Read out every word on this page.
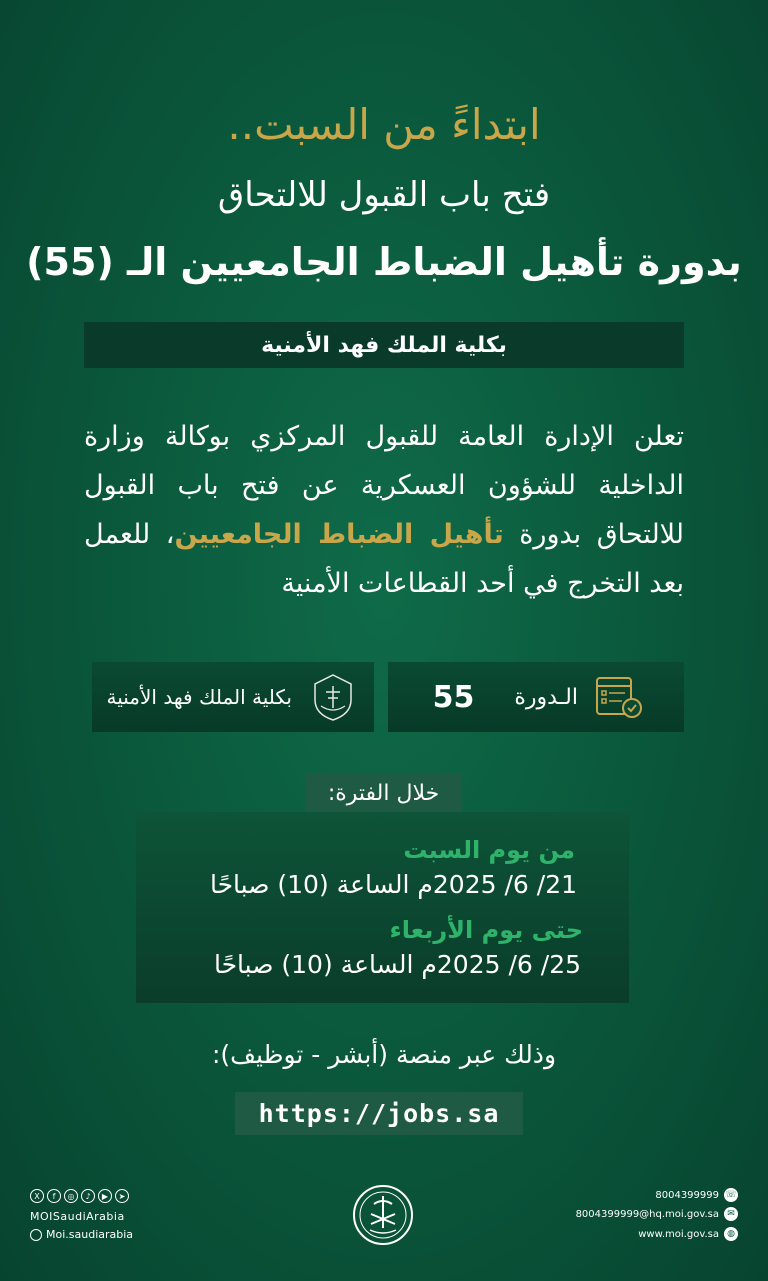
ابتداءً من السبت..
فتح باب القبول للالتحاق
بدورة تأهيل الضباط الجامعيين الـ (55)
بكلية الملك فهد الأمنية
تعلن الإدارة العامة للقبول المركزي بوكالة وزارة الداخلية للشؤون العسكرية عن فتح باب القبول للالتحاق بدورة تأهيل الضباط الجامعيين، للعمل بعد التخرج في أحد القطاعات الأمنية
الـدورة
55
بكلية الملك فهد الأمنية
خلال الفترة:
من يوم السبت
21/ 6/ 2025م الساعة (10) صباحًا
حتى يوم الأربعاء
25/ 6/ 2025م الساعة (10) صباحًا
وذلك عبر منصة (أبشر - توظيف):
https://jobs.sa
X	f	◎	♪	▶	➤
MOISaudiArabia
Moi.saudiarabia
8004399999 ☏
8004399999@hq.moi.gov.sa ✉
www.moi.gov.sa ◍
